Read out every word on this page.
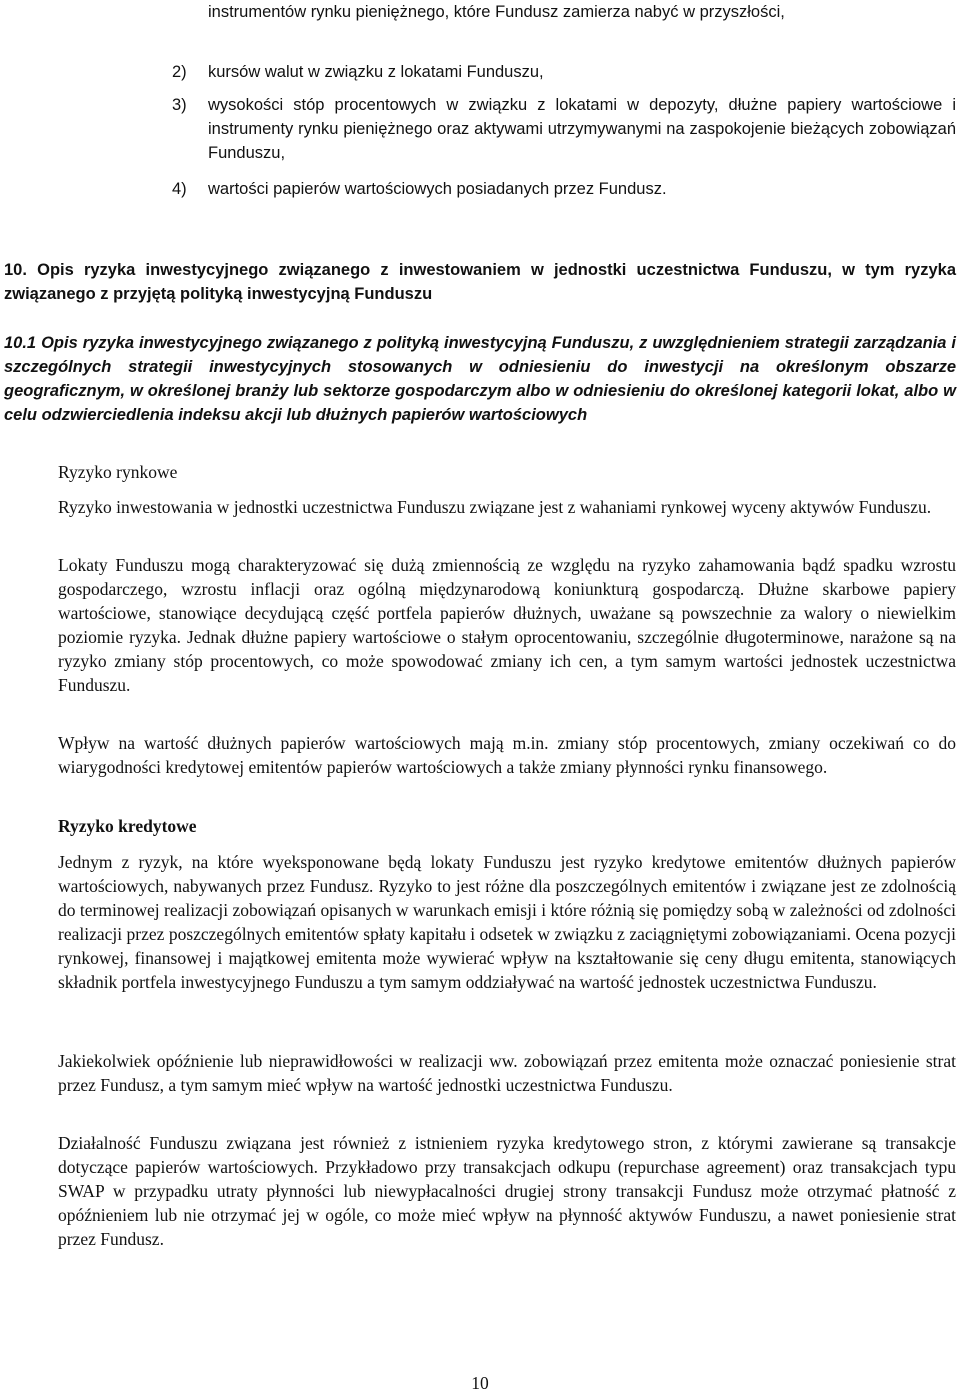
instrumentów rynku pieniężnego, które Fundusz zamierza nabyć w przyszłości,

2) kursów walut w związku z lokatami Funduszu,

3) wysokości stóp procentowych w związku z lokatami w depozyty, dłużne papiery wartościowe i instrumenty rynku pieniężnego oraz aktywami utrzymywanymi na zaspokojenie bieżących zobowiązań Funduszu,

4) wartości papierów wartościowych posiadanych przez Fundusz.

10. Opis ryzyka inwestycyjnego związanego z inwestowaniem w jednostki uczestnictwa Funduszu, w tym ryzyka związanego z przyjętą polityką inwestycyjną Funduszu

10.1 Opis ryzyka inwestycyjnego związanego z polityką inwestycyjną Funduszu, z uwzględnieniem strategii zarządzania i szczególnych strategii inwestycyjnych stosowanych w odniesieniu do inwestycji na określonym obszarze geograficznym, w określonej branży lub sektorze gospodarczym albo w odniesieniu do określonej kategorii lokat, albo w celu odzwierciedlenia indeksu akcji lub dłużnych papierów wartościowych

Ryzyko rynkowe

Ryzyko inwestowania w jednostki uczestnictwa Funduszu związane jest z wahaniami rynkowej wyceny aktywów Funduszu.

Lokaty Funduszu mogą charakteryzować się dużą zmiennością ze względu na ryzyko zahamowania bądź spadku wzrostu gospodarczego, wzrostu inflacji oraz ogólną międzynarodową koniunkturą gospodarczą. Dłużne skarbowe papiery wartościowe, stanowiące decydującą część portfela papierów dłużnych, uważane są powszechnie za walory o niewielkim poziomie ryzyka. Jednak dłużne papiery wartościowe o stałym oprocentowaniu, szczególnie długoterminowe, narażone są na ryzyko zmiany stóp procentowych, co może spowodować zmiany ich cen, a tym samym wartości jednostek uczestnictwa Funduszu.

Wpływ na wartość dłużnych papierów wartościowych mają m.in. zmiany stóp procentowych, zmiany oczekiwań co do wiarygodności kredytowej emitentów papierów wartościowych a także zmiany płynności rynku finansowego.

Ryzyko kredytowe

Jednym z ryzyk, na które wyeksponowane będą lokaty Funduszu jest ryzyko kredytowe emitentów dłużnych papierów wartościowych, nabywanych przez Fundusz. Ryzyko to jest różne dla poszczególnych emitentów i związane jest ze zdolnością do terminowej realizacji zobowiązań opisanych w warunkach emisji i które różnią się pomiędzy sobą w zależności od zdolności realizacji przez poszczególnych emitentów spłaty kapitału i odsetek w związku z zaciągniętymi zobowiązaniami. Ocena pozycji rynkowej, finansowej i majątkowej emitenta może wywierać wpływ na kształtowanie się ceny długu emitenta, stanowiących składnik portfela inwestycyjnego Funduszu a tym samym oddziaływać na wartość jednostek uczestnictwa Funduszu.

Jakiekolwiek opóźnienie lub nieprawidłowości w realizacji ww. zobowiązań przez emitenta może oznaczać poniesienie strat przez Fundusz, a tym samym mieć wpływ na wartość jednostki uczestnictwa Funduszu.

Działalność Funduszu związana jest również z istnieniem ryzyka kredytowego stron, z którymi zawierane są transakcje dotyczące papierów wartościowych. Przykładowo przy transakcjach odkupu (repurchase agreement) oraz transakcjach typu SWAP w przypadku utraty płynności lub niewypłacalności drugiej strony transakcji Fundusz może otrzymać płatność z opóźnieniem lub nie otrzymać jej w ogóle, co może mieć wpływ na płynność aktywów Funduszu, a nawet poniesienie strat przez Fundusz.

10
